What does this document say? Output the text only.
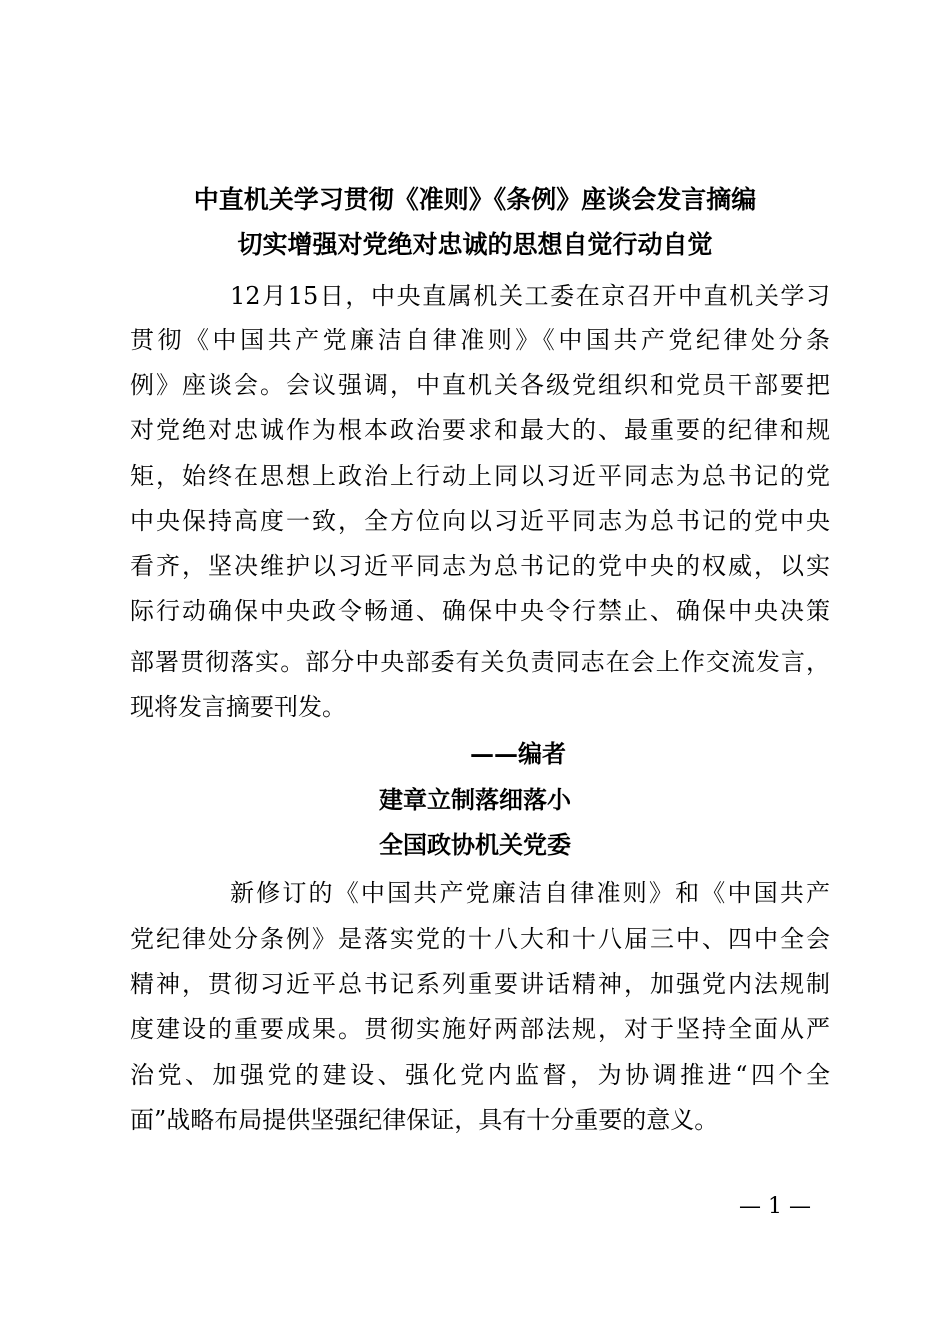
中直机关学习贯彻《准则》《条例》座谈会发言摘编
切实增强对党绝对忠诚的思想自觉行动自觉
12月15日，中央直属机关工委在京召开中直机关学习
贯彻《中国共产党廉洁自律准则》《中国共产党纪律处分条
例》座谈会。会议强调，中直机关各级党组织和党员干部要把
对党绝对忠诚作为根本政治要求和最大的、最重要的纪律和规
矩，始终在思想上政治上行动上同以习近平同志为总书记的党
中央保持高度一致，全方位向以习近平同志为总书记的党中央
看齐，坚决维护以习近平同志为总书记的党中央的权威，以实
际行动确保中央政令畅通、确保中央令行禁止、确保中央决策
部署贯彻落实。部分中央部委有关负责同志在会上作交流发言，
现将发言摘要刊发。
——编者
建章立制落细落小
全国政协机关党委
新修订的《中国共产党廉洁自律准则》和《中国共产
党纪律处分条例》是落实党的十八大和十八届三中、四中全会
精神，贯彻习近平总书记系列重要讲话精神，加强党内法规制
度建设的重要成果。贯彻实施好两部法规，对于坚持全面从严
治党、加强党的建设、强化党内监督，为协调推进“四个全
面”战略布局提供坚强纪律保证，具有十分重要的意义。
— 1 —
